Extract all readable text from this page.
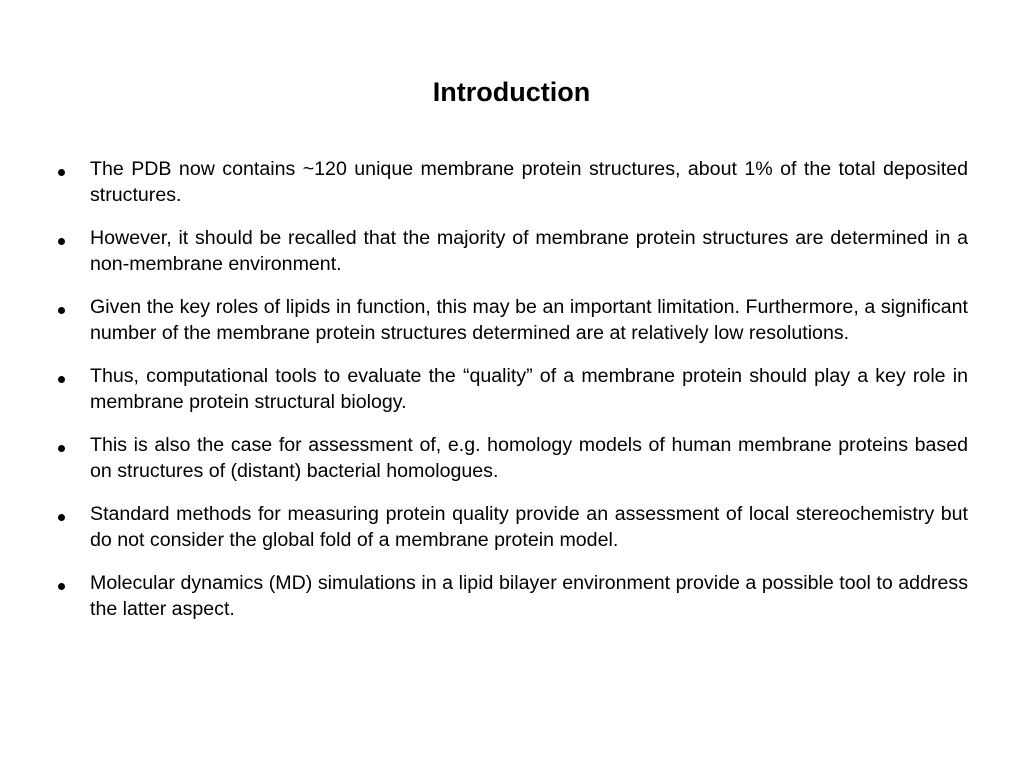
Introduction
The PDB now contains ~120 unique membrane protein structures, about 1% of the total deposited structures.
However, it should be recalled that the majority of membrane protein structures are determined in a non-membrane environment.
Given the key roles of lipids in function, this may be an important limitation. Furthermore, a significant number of the membrane protein structures determined are at relatively low resolutions.
Thus, computational tools to evaluate the “quality” of a membrane protein should play a key role in membrane protein structural biology.
This is also the case for assessment of, e.g. homology models of human membrane proteins based on structures of (distant) bacterial homologues.
Standard methods for measuring protein quality provide an assessment of local stereochemistry but do not consider the global fold of a membrane protein model.
Molecular dynamics (MD) simulations in a lipid bilayer environment provide a possible tool to address the latter aspect.
